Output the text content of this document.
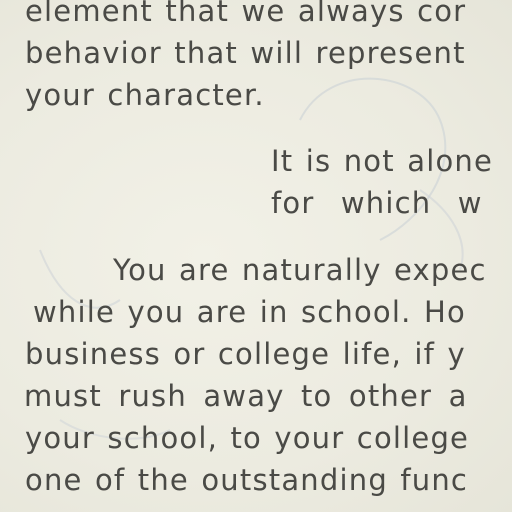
element that we always cor

behavior that will represent

your character.

It is not alone

for which w

You are naturally expec

while you are in school. Ho

business or college life, if y

must rush away to other a

your school, to your college

one of the outstanding func
